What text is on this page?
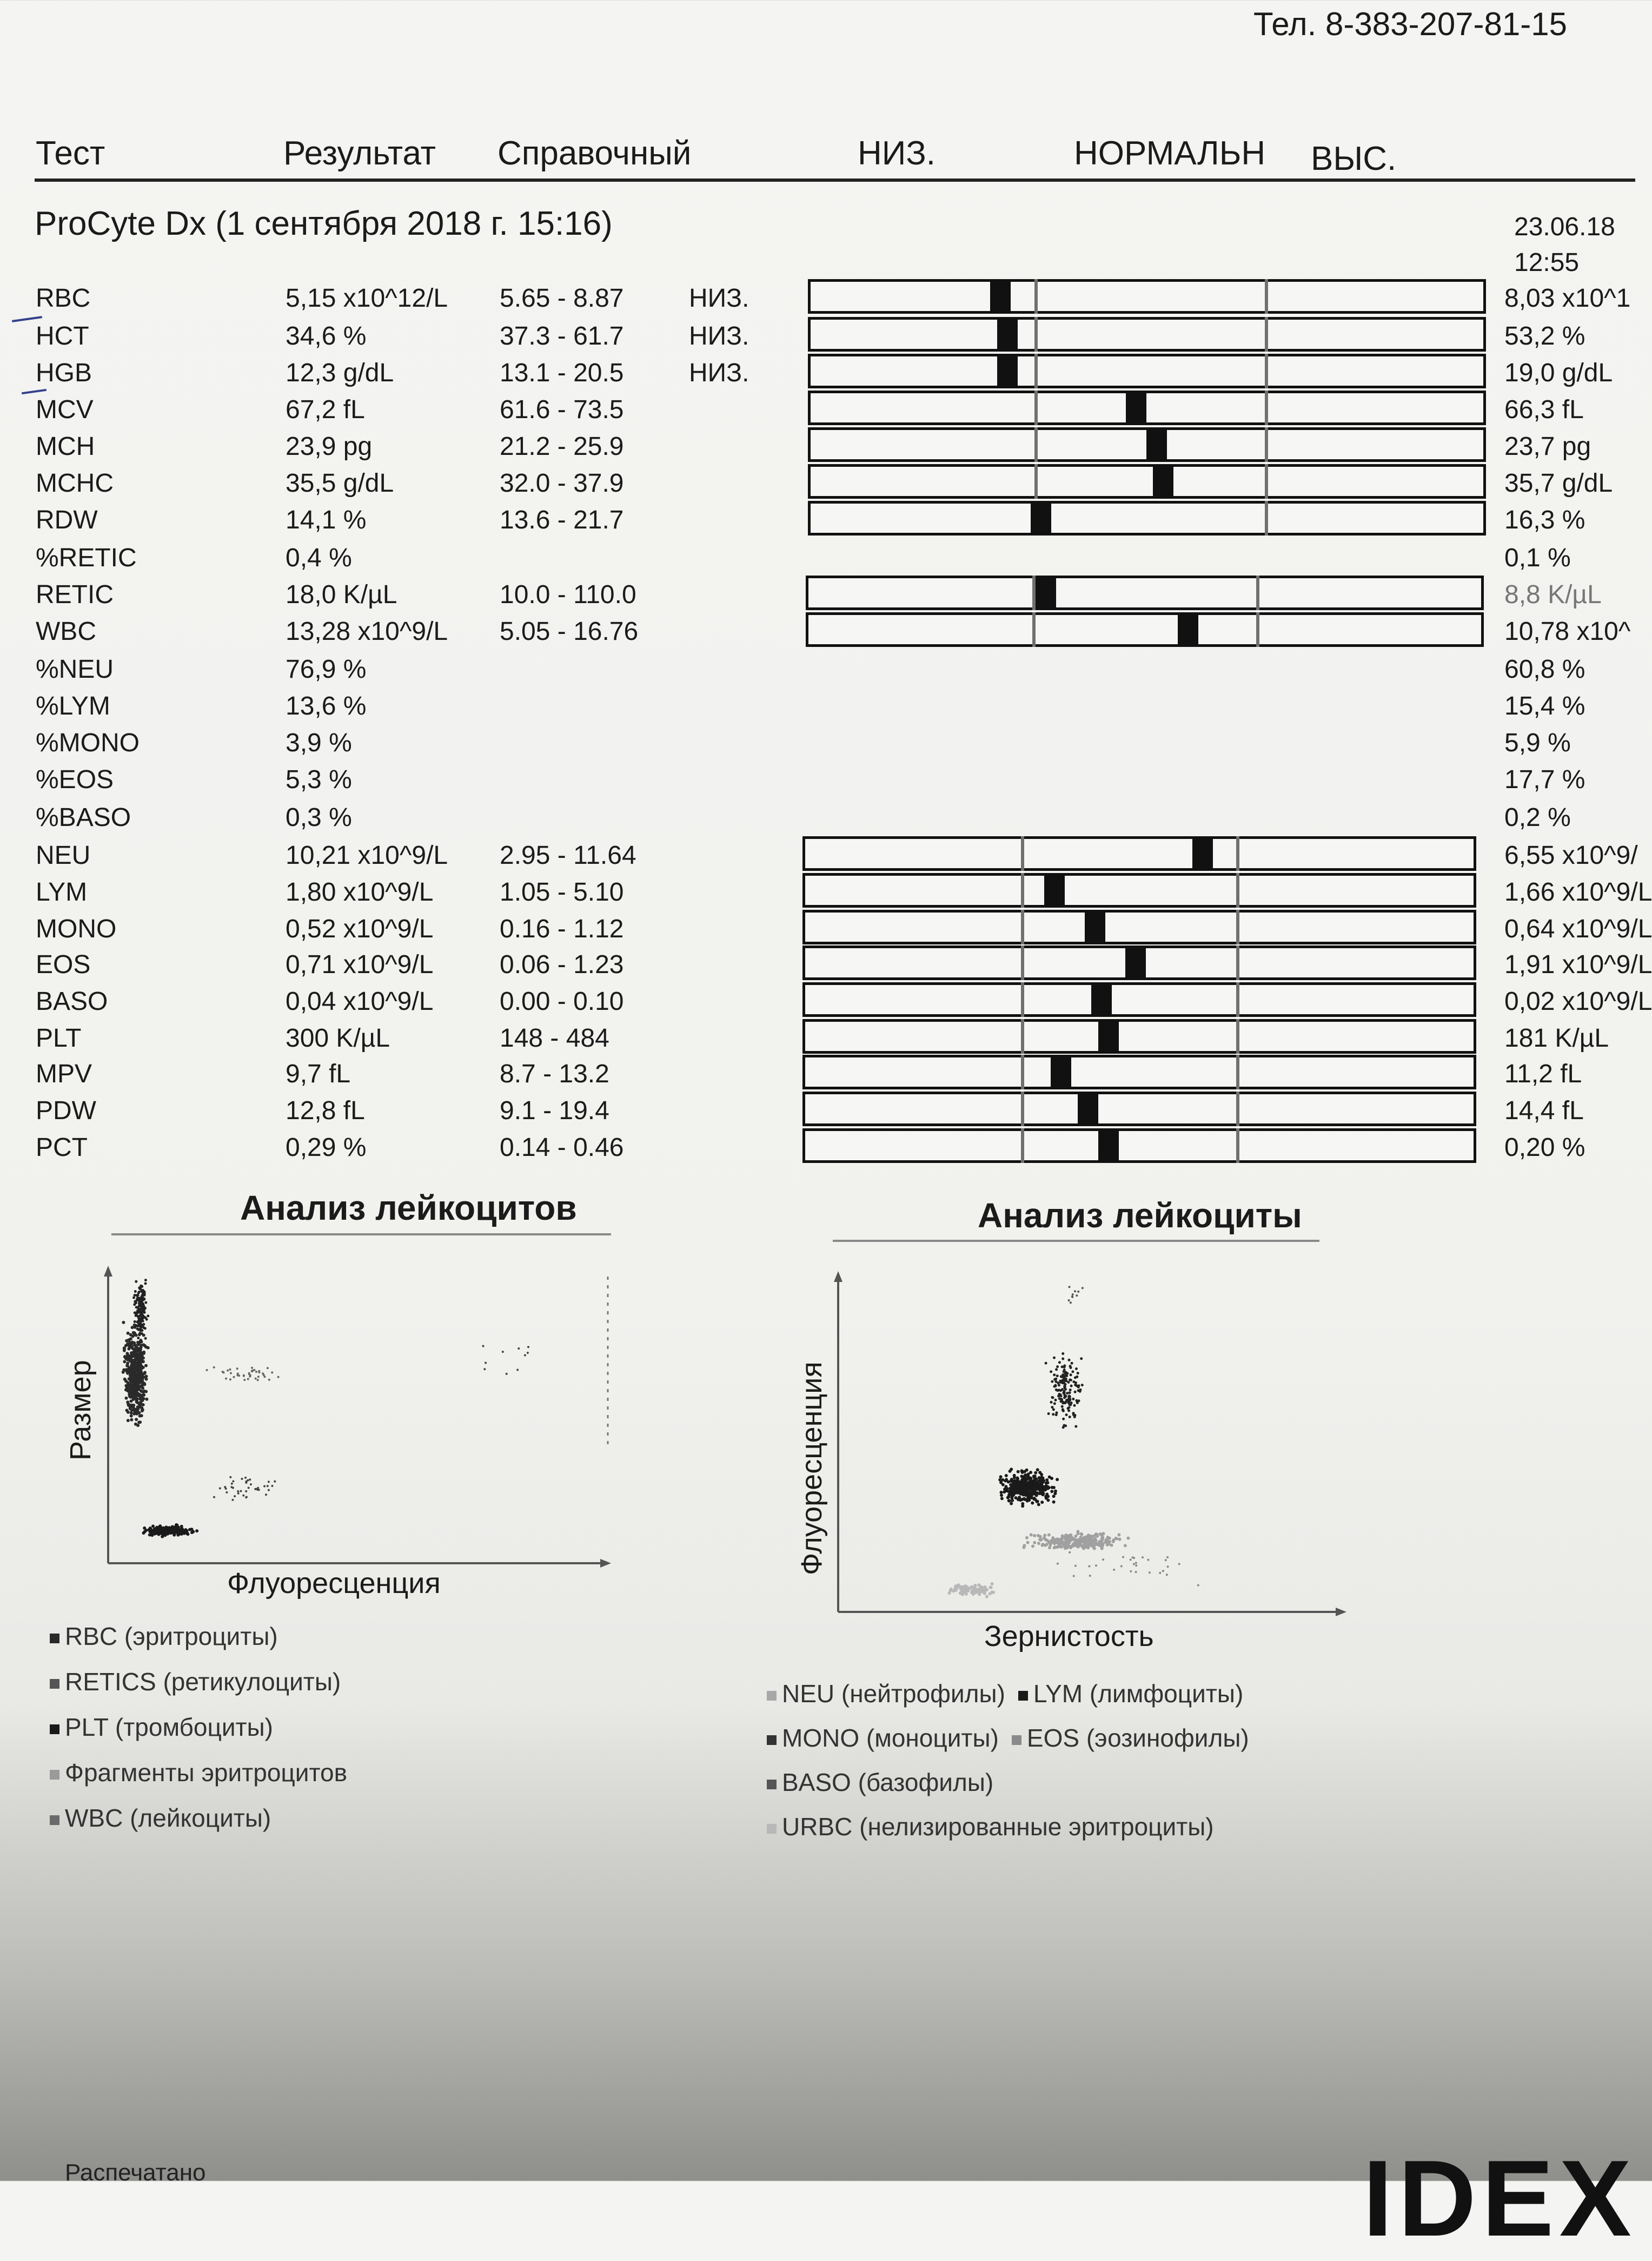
Тел. 8-383-207-81-15
Тест	Результат Справочный	НИЗ.	НОРМАЛЬН ВЫС.
ProCyte Dx (1 сентября 2018 г. 15:16)	23.06.18
12:55
RBC	5,15 x10^12/L 5.65 - 8.87	НИЗ.	8,03 x10^1
HCT	34,6 %	37.3 - 61.7	НИЗ.	53,2 %
HGB	12,3 g/dL	13.1 - 20.5	НИЗ.	19,0 g/dL
MCV	67,2 fL	61.6 - 73.5	66,3 fL
MCH	23,9 pg	21.2 - 25.9	23,7 pg
MCHC	35,5 g/dL	32.0 - 37.9	35,7 g/dL
RDW	14,1 %	13.6 - 21.7	16,3 %
%RETIC	0,4 %	0,1 %
RETIC	18,0 K/µL	10.0 - 110.0	8,8 K/µL
WBC	13,28 x10^9/L 5.05 - 16.76	10,78 x10^
%NEU	76,9 %	60,8 %
%LYM	13,6 %	15,4 %
%MONO	3,9 %	5,9 %
%EOS	5,3 %	17,7 %
%BASO	0,3 %	0,2 %
NEU	10,21 x10^9/L 2.95 - 11.64	6,55 x10^9/
LYM	1,80 x10^9/L	1.05 - 5.10	1,66 x10^9/L
MONO	0,52 x10^9/L	0.16 - 1.12	0,64 x10^9/L
EOS	0,71 x10^9/L	0.06 - 1.23	1,91 x10^9/L
BASO	0,04 x10^9/L	0.00 - 0.10	0,02 x10^9/L
PLT	300 K/µL	148 - 484	181 K/µL
MPV	9,7 fL	8.7 - 13.2	11,2 fL
PDW	12,8 fL	9.1 - 19.4	14,4 fL
PCT	0,29 %	0.14 - 0.46	0,20 %
Анализ лейкоцитов
Размер
Флуоресценция
RBC (эритроциты)
RETICS (ретикулоциты)
PLT (тромбоциты)
Фрагменты эритроцитов
WBC (лейкоциты)
Анализ лейкоциты
Флуоресценция
Зернистость
NEU (нейтрофилы) LYM (лимфоциты)
MONO (моноциты) EOS (эозинофилы)
BASO (базофилы)
URBC (нелизированные эритроциты)
Распечатано	IDEX
